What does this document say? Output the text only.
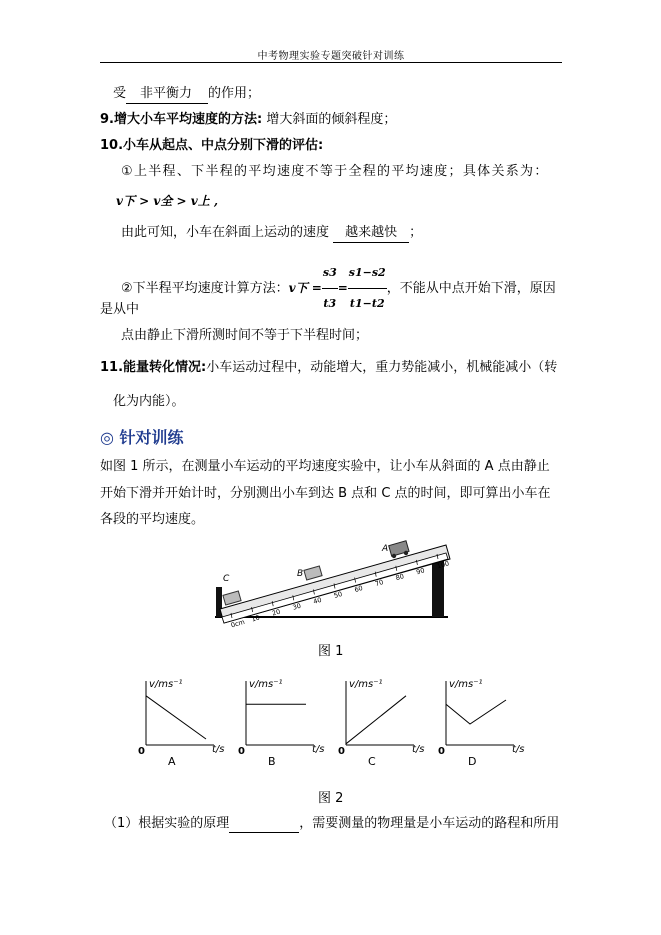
中考物理实验专题突破针对训练
受 非平衡力 的作用；
9.增大小车平均速度的方法: 增大斜面的倾斜程度；
10.小车从起点、中点分别下滑的评估:
①上半程、下半程的平均速度不等于全程的平均速度；具体关系为：
v下 > v全 > v上 ,
由此可知，小车在斜面上运动的速度 越来越快 ；
②下半程平均速度计算方法：v下 = $\frac{s3}{t3} = \frac{s1-s2}{t1-t2}$ ，不能从中点开始下滑，原因
是从中
点由静止下滑所测时间不等于下半程时间；
11.能量转化情况:小车运动过程中，动能增大，重力势能减小，机械能减小（转
化为内能）。
◎ 针对训练
如图 1 所示，在测量小车运动的平均速度实验中，让小车从斜面的 A 点由静止
开始下滑并开始计时，分别测出小车到达 B 点和 C 点的时间，即可算出小车在
各段的平均速度。
0cm 10
20
30
40
50
60
70
80
90
100
C	B
A
图 1
v/ms⁻¹
t/s
0
A
v/ms⁻¹
t/s
0
B
v/ms⁻¹
t/s
0
C
v/ms⁻¹
t/s
0
D
图 2
（1）根据实验的原理	，需要测量的物理量是小车运动的路程和所用
